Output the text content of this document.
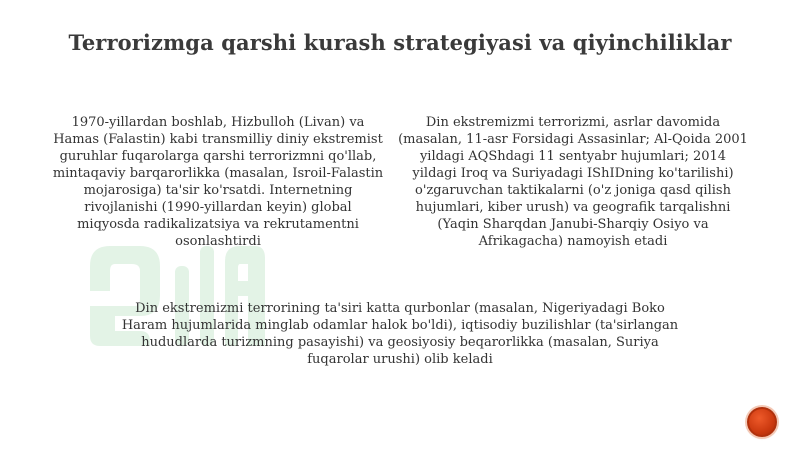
Terrorizmga qarshi kurash strategiyasi va qiyinchiliklar

1970-yillardan boshlab, Hizbulloh (Livan) va Hamas (Falastin) kabi transmilliy diniy ekstremist guruhlar fuqarolarga qarshi terrorizmni qo'llab, mintaqaviy barqarorlikka (masalan, Isroil-Falastin mojarosiga) ta'sir ko'rsatdi. Internetning rivojlanishi (1990-yillardan keyin) global miqyosda radikalizatsiya va rekrutamentni osonlashtirdi

Din ekstremizmi terrorizmi, asrlar davomida (masalan, 11-asr Forsidagi Assasinlar; Al-Qoida 2001 yildagi AQShdagi 11 sentyabr hujumlari; 2014 yildagi Iroq va Suriyadagi IShIDning ko'tarilishi) o'zgaruvchan taktikalarni (o'z joniga qasd qilish hujumlari, kiber urush) va geografik tarqalishni (Yaqin Sharqdan Janubi-Sharqiy Osiyo va Afrikagacha) namoyish etadi

Din ekstremizmi terrorining ta'siri katta qurbonlar (masalan, Nigeriyadagi Boko Haram hujumlarida minglab odamlar halok bo'ldi), iqtisodiy buzilishlar (ta'sirlangan hududlarda turizmning pasayishi) va geosiyosiy beqarorlikka (masalan, Suriya fuqarolar urushi) olib keladi
